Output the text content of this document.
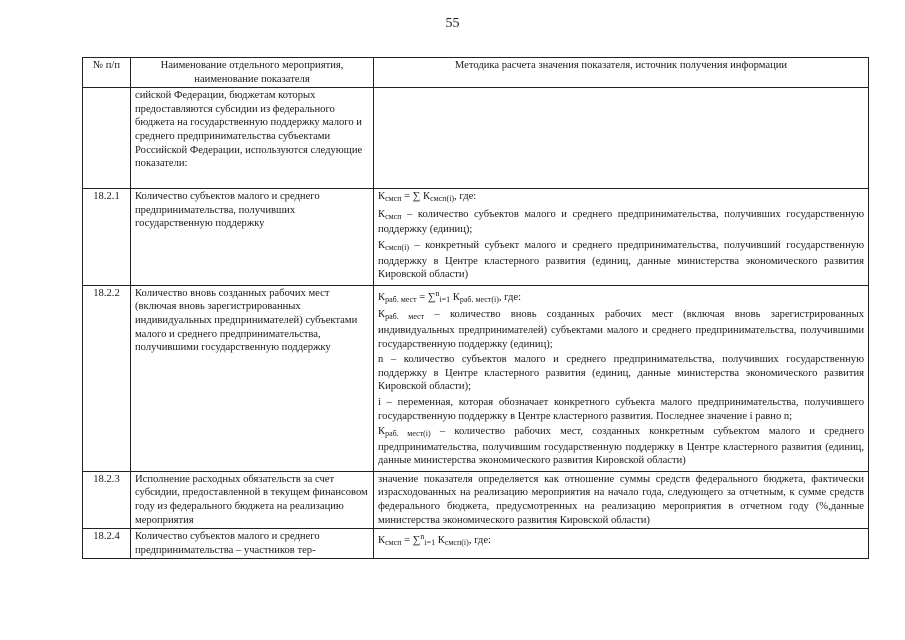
55
№ п/п	Наименование отдельного мероприятия, наименование показателя	Методика расчета значения показателя, источник получения информации
	сийской Федерации, бюджетам которых предоставляются субсидии из федерального бюджета на государственную поддержку малого и среднего предпринимательства субъектами Российской Федерации, используются следующие показатели:	
18.2.1	Количество субъектов малого и среднего предпринимательства, получивших государственную поддержку	$К_{смсп}$ = ∑ $К_{смсп(i)}$, где:

$К_{смсп}$ – количество субъектов малого и среднего предпринимательства, получивших государственную поддержку (единиц);

$К_{смсп(i)}$ – конкретный субъект малого и среднего предпринимательства, получивший государственную поддержку в Центре кластерного развития (единиц, данные министерства экономического развития Кировской области)

18.2.2	Количество вновь созданных рабочих мест (включая вновь зарегистрированных индивидуальных предпринимателей) субъектами малого и среднего предпринимательства, получившими государственную поддержку	$К_{раб. мест} = \sum^n_{i=1}$ $К_{раб. мест(i)}$, где:

$К_{раб. мест}$ – количество вновь созданных рабочих мест (включая вновь зарегистрированных индивидуальных предпринимателей) субъектами малого и среднего предпринимательства, получившими государственную поддержку (единиц);

n – количество субъектов малого и среднего предпринимательства, получивших государственную поддержку в Центре кластерного развития (единиц, данные министерства экономического развития Кировской области);

i – переменная, которая обозначает конкретного субъекта малого предпринимательства, получившего государственную поддержку в Центре кластерного развития. Последнее значение i равно n;

$К_{раб. мест(i)}$ – количество рабочих мест, созданных конкретным субъектом малого и среднего предпринимательства, получившим государственную поддержку в Центре кластерного развития (единиц, данные министерства экономического развития Кировской области)

18.2.3	Исполнение расходных обязательств за счет субсидии, предоставленной в текущем финансовом году из федерального бюджета на реализацию мероприятия	значение показателя определяется как отношение суммы средств федерального бюджета, фактически израсходованных на реализацию мероприятия на начало года, следующего за отчетным, к сумме средств федерального бюджета, предусмотренных на реализацию мероприятия в отчетном году (%,данные министерства экономического развития Кировской области)
18.2.4	Количество субъектов малого и среднего предпринимательства – участников тер-	$К_{смсп} = \sum^n_{i=1}$ $К_{смсп(i)}$, где:
